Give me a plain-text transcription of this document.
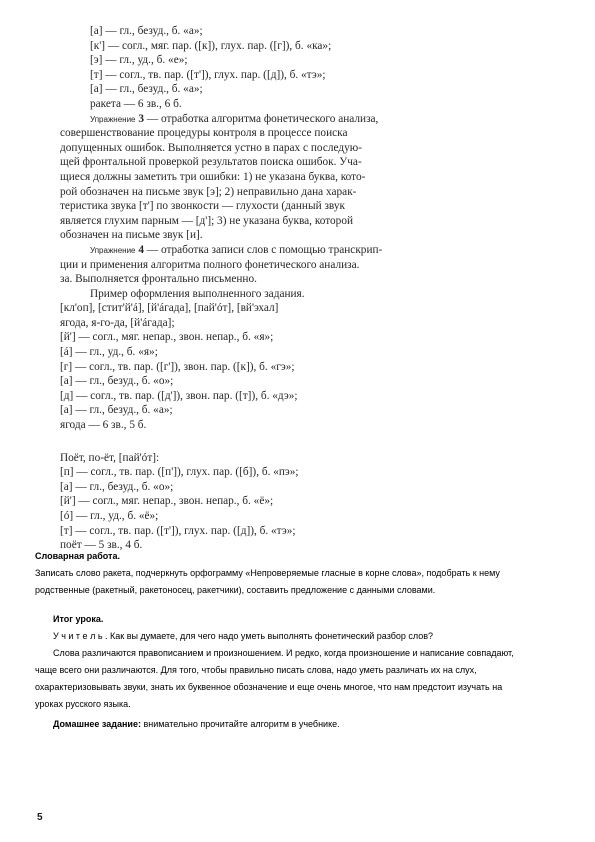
[а] — гл., безуд., б. «а»;
[к'] — согл., мяг. пар. ([к]), глух. пар. ([г]), б. «ка»;
[э] — гл., уд., б. «е»;
[т] — согл., тв. пар. ([т']), глух. пар. ([д]), б. «тэ»;
[а] — гл., безуд., б. «а»;
ракета — 6 зв., 6 б.
Упражнение 3 — отработка алгоритма фонетического анализа,
совершенствование процедуры контроля в процессе поиска
допущенных ошибок. Выполняется устно в парах с последую-
щей фронтальной проверкой результатов поиска ошибок. Уча-
щиеся должны заметить три ошибки: 1) не указана буква, кото-
рой обозначен на письме звук [э]; 2) неправильно дана харак-
теристика звука [т'] по звонкости — глухости (данный звук
является глухим парным — [д']; 3) не указана буква, которой
обозначен на письме звук [и].
Упражнение 4 — отработка записи слов с помощью транскрип-
ции и применения алгоритма полного фонетического анализа.
за. Выполняется фронтально письменно.
Пример оформления выполненного задания.
[кл'оп], [стит'й'á], [й'áгада], [пай'óт], [вй'эхал]
ягода, я-го-да, [й'áгада];
[й'] — согл., мяг. непар., звон. непар., б. «я»;
[á] — гл., уд., б. «я»;
[г] — согл., тв. пар. ([г']), звон. пар. ([к]), б. «гэ»;
[а] — гл., безуд., б. «о»;
[д] — согл., тв. пар. ([д']), звон. пар. ([т]), б. «дэ»;
[а] — гл., безуд., б. «а»;
ягода — 6 зв., 5 б.
Поёт, по-ёт, [пай'óт]:
[п] — согл., тв. пар. ([п']), глух. пар. ([б]), б. «пэ»;
[а] — гл., безуд., б. «о»;
[й'] — согл., мяг. непар., звон. непар., б. «ё»;
[ó] — гл., уд., б. «ё»;
[т] — согл., тв. пар. ([т']), глух. пар. ([д]), б. «тэ»;
поёт — 5 зв., 4 б.
Словарная работа.
Записать слово ракета, подчеркнуть орфограмму «Непроверяемые гласные в корне слова», подобрать к нему
родственные (ракетный, ракетоносец, ракетчики), составить предложение с данными словами.
Итог урока.
У ч и т е л ь . Как вы думаете, для чего надо уметь выполнять фонетический разбор слов?
Слова различаются правописанием и произношением. И редко, когда произношение и написание совпадают,
чаще всего они различаются. Для того, чтобы правильно писать слова, надо уметь различать их на слух,
охарактеризовывать звуки, знать их буквенное обозначение и еще очень многое, что нам предстоит изучать на
уроках русского языка.
Домашнее задание: внимательно прочитайте алгоритм в учебнике.
5
